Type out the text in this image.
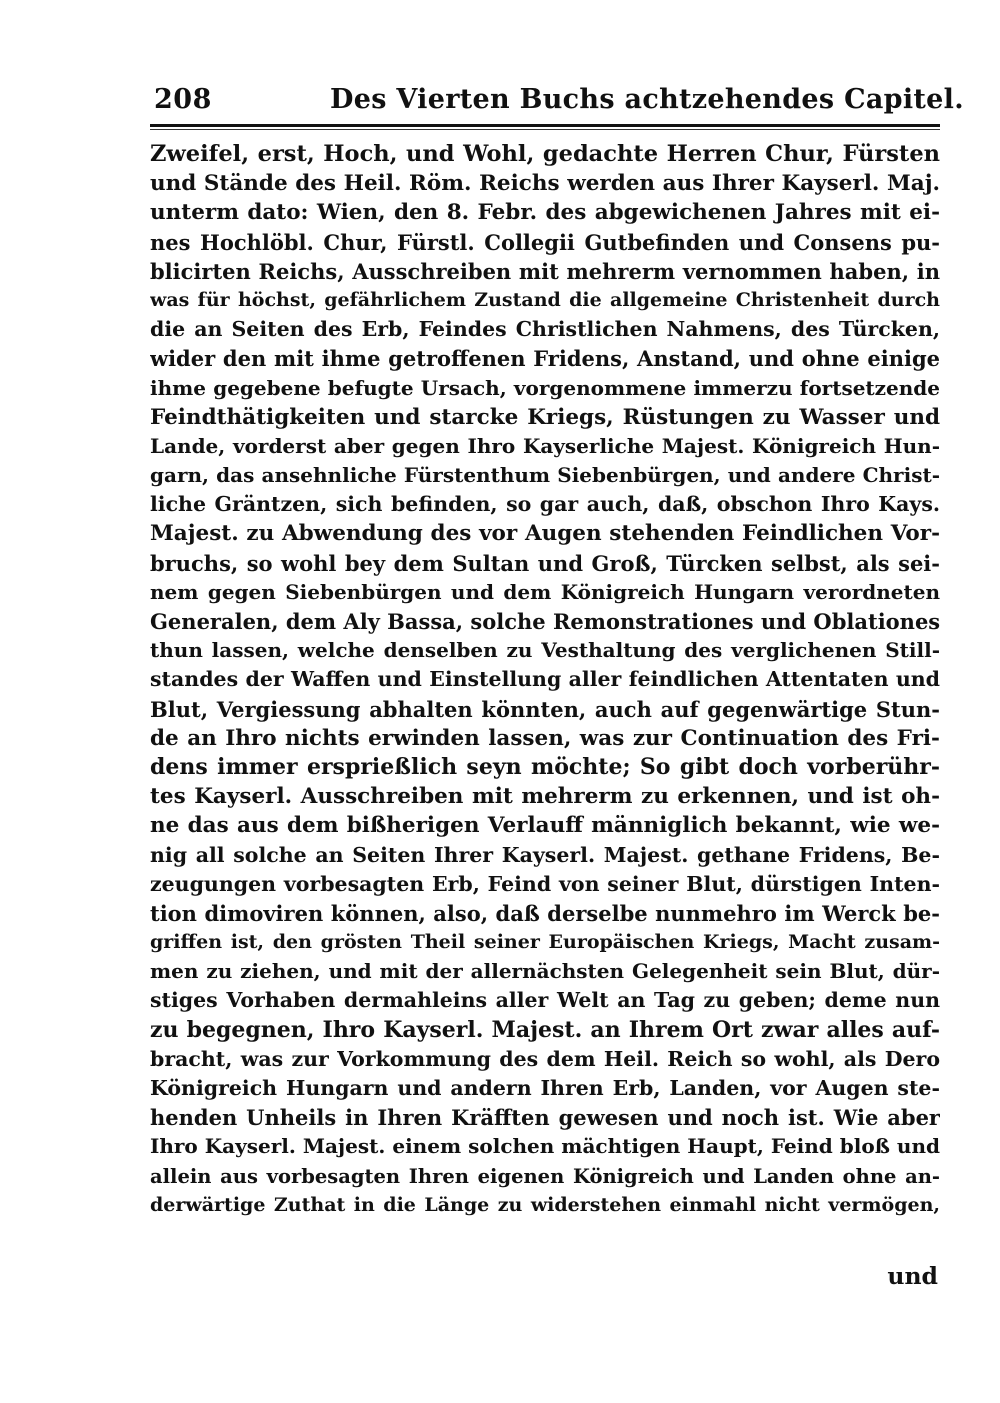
208	Des Vierten Buchs achtzehendes Capitel.
Zweifel, erst, Hoch, und Wohl, gedachte Herren Chur, Fürsten
und Stände des Heil. Röm. Reichs werden aus Ihrer Kayserl. Maj.
unterm dato: Wien, den 8. Febr. des abgewichenen Jahres mit ei-
nes Hochlöbl. Chur, Fürstl. Collegii Gutbefinden und Consens pu-
blicirten Reichs, Ausschreiben mit mehrerm vernommen haben, in
was für höchst, gefährlichem Zustand die allgemeine Christenheit durch
die an Seiten des Erb, Feindes Christlichen Nahmens, des Türcken,
wider den mit ihme getroffenen Fridens, Anstand, und ohne einige
ihme gegebene befugte Ursach, vorgenommene immerzu fortsetzende
Feindthätigkeiten und starcke Kriegs, Rüstungen zu Wasser und
Lande, vorderst aber gegen Ihro Kayserliche Majest. Königreich Hun-
garn, das ansehnliche Fürstenthum Siebenbürgen, und andere Christ-
liche Gräntzen, sich befinden, so gar auch, daß, obschon Ihro Kays.
Majest. zu Abwendung des vor Augen stehenden Feindlichen Vor-
bruchs, so wohl bey dem Sultan und Groß, Türcken selbst, als sei-
nem gegen Siebenbürgen und dem Königreich Hungarn verordneten
Generalen, dem Aly Bassa, solche Remonstrationes und Oblationes
thun lassen, welche denselben zu Vesthaltung des verglichenen Still-
standes der Waffen und Einstellung aller feindlichen Attentaten und
Blut, Vergiessung abhalten könnten, auch auf gegenwärtige Stun-
de an Ihro nichts erwinden lassen, was zur Continuation des Fri-
dens immer ersprießlich seyn möchte; So gibt doch vorberühr-
tes Kayserl. Ausschreiben mit mehrerm zu erkennen, und ist oh-
ne das aus dem bißherigen Verlauff männiglich bekannt, wie we-
nig all solche an Seiten Ihrer Kayserl. Majest. gethane Fridens, Be-
zeugungen vorbesagten Erb, Feind von seiner Blut, dürstigen Inten-
tion dimoviren können, also, daß derselbe nunmehro im Werck be-
griffen ist, den grösten Theil seiner Europäischen Kriegs, Macht zusam-
men zu ziehen, und mit der allernächsten Gelegenheit sein Blut, dür-
stiges Vorhaben dermahleins aller Welt an Tag zu geben; deme nun
zu begegnen, Ihro Kayserl. Majest. an Ihrem Ort zwar alles auf-
bracht, was zur Vorkommung des dem Heil. Reich so wohl, als Dero
Königreich Hungarn und andern Ihren Erb, Landen, vor Augen ste-
henden Unheils in Ihren Kräfften gewesen und noch ist. Wie aber
Ihro Kayserl. Majest. einem solchen mächtigen Haupt, Feind bloß und
allein aus vorbesagten Ihren eigenen Königreich und Landen ohne an-
derwärtige Zuthat in die Länge zu widerstehen einmahl nicht vermögen,
und
